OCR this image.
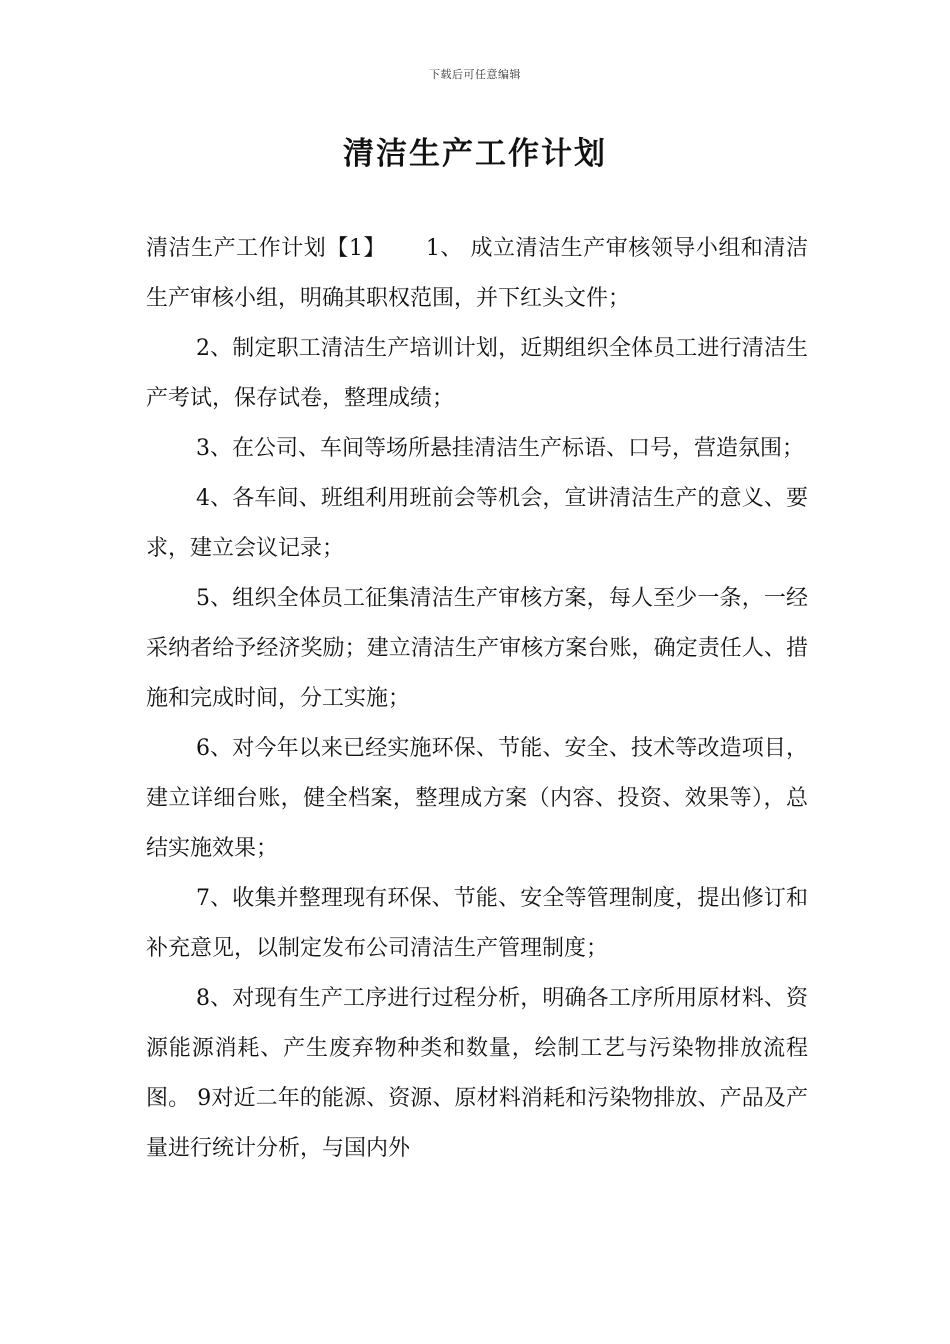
下载后可任意编辑
清洁生产工作计划

清洁生产工作计划【1】 1、 成立清洁生产审核领导小组和清洁生产审核小组，明确其职权范围，并下红头文件；

2、制定职工清洁生产培训计划，近期组织全体员工进行清洁生产考试，保存试卷，整理成绩；

3、在公司、车间等场所悬挂清洁生产标语、口号，营造氛围；

4、各车间、班组利用班前会等机会，宣讲清洁生产的意义、要求，建立会议记录；

5、组织全体员工征集清洁生产审核方案，每人至少一条，一经采纳者给予经济奖励；建立清洁生产审核方案台账，确定责任人、措施和完成时间，分工实施；

6、对今年以来已经实施环保、节能、安全、技术等改造项目，建立详细台账，健全档案，整理成方案（内容、投资、效果等），总结实施效果；

7、收集并整理现有环保、节能、安全等管理制度，提出修订和补充意见，以制定发布公司清洁生产管理制度；

8、对现有生产工序进行过程分析，明确各工序所用原材料、资源能源消耗、产生废弃物种类和数量，绘制工艺与污染物排放流程图。 9对近二年的能源、资源、原材料消耗和污染物排放、产品及产量进行统计分析，与国内外
